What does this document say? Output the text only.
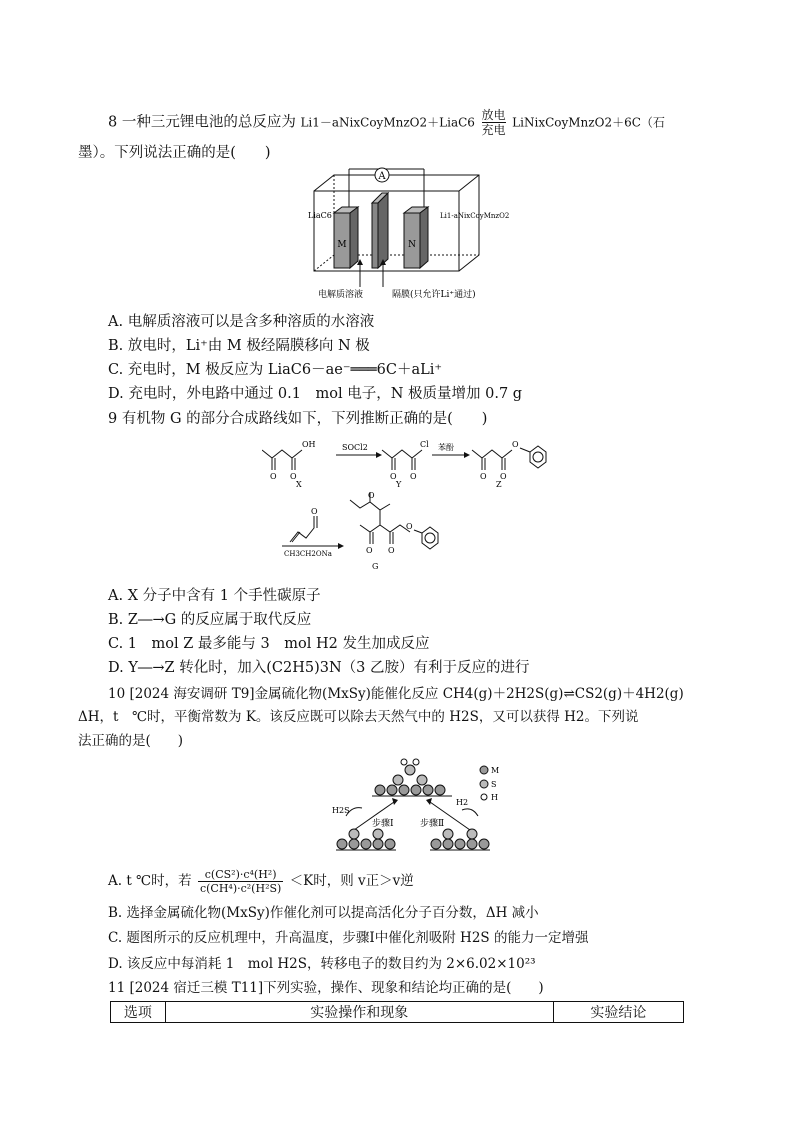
8 一种三元锂电池的总反应为 Li1－aNixCoyMnzO2＋LiaC6
放电
充电
LiNixCoyMnzO2＋6C（石
墨）。下列说法正确的是(　　)
A
M	N
LiaC6	Li1-aNixCoyMnzO2
电解质溶液	隔膜(只允许Li⁺通过)
A. 电解质溶液可以是含多种溶质的水溶液
B. 放电时，Li⁺由 M 极经隔膜移向 N 极
C. 充电时，M 极反应为 LiaC6－ae⁻═══6C＋aLi⁺
D. 充电时，外电路中通过 0.1　mol 电子，N 极质量增加 0.7 g
9 有机物 G 的部分合成路线如下，下列推断正确的是(　　)
O O
OH
X
SOCl2
O O
Cl
Y
苯酚
O O
O
Z
O
CH3CH2ONa
O
O O
O
G
A. X 分子中含有 1 个手性碳原子
B. Z―→G 的反应属于取代反应
C. 1　mol Z 最多能与 3　mol H2 发生加成反应
D. Y―→Z 转化时，加入(C2H5)3N（3 乙胺）有利于反应的进行
10 [2024 海安调研 T9]金属硫化物(MxSy)能催化反应 CH4(g)＋2H2S(g)⇌CS2(g)＋4H2(g)
ΔH，t　℃时，平衡常数为 K。该反应既可以除去天然气中的 H2S，又可以获得 H2。下列说
法正确的是(　　)
H2S
H2
步骤Ⅰ	步骤Ⅱ
M
S
H
A. t ℃时，若 $\frac{\text{c(CS²)·c⁴(H²)}}{\text{c(CH⁴)·c²(H²S)}} <K$时，则 v正＞v逆
B. 选择金属硫化物(MxSy)作催化剂可以提高活化分子百分数，ΔH 减小
C. 题图所示的反应机理中，升高温度，步骤Ⅰ中催化剂吸附 H2S 的能力一定增强
D. 该反应中每消耗 1　mol H2S，转移电子的数目约为 2×6.02×10²³
11 [2024 宿迁三模 T11]下列实验，操作、现象和结论均正确的是(　　)
选项	实验操作和现象	实验结论
